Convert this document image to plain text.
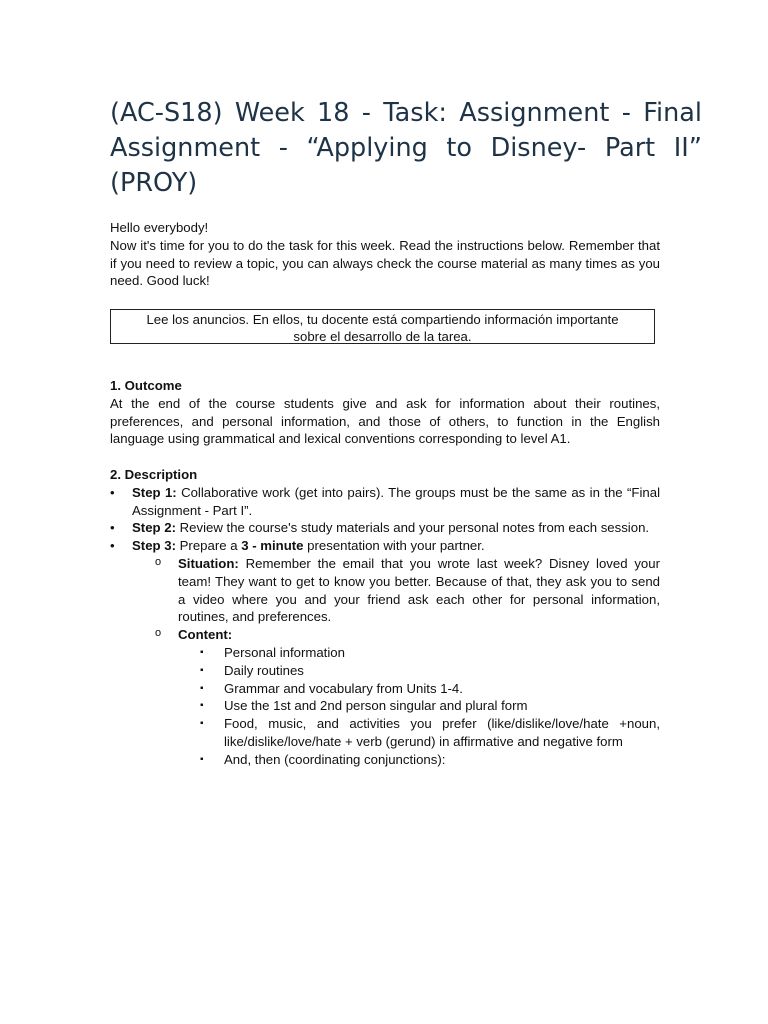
(AC-S18) Week 18 - Task: Assignment - Final Assignment - “Applying to Disney- Part II” (PROY)

Hello everybody!

Now it's time for you to do the task for this week. Read the instructions below. Remember that if you need to review a topic, you can always check the course material as many times as you need. Good luck!

Lee los anuncios. En ellos, tu docente está compartiendo información importante
sobre el desarrollo de la tarea.

1. Outcome

At the end of the course students give and ask for information about their routines, preferences, and personal information, and those of others, to function in the English language using grammatical and lexical conventions corresponding to level A1.

2. Description

• Step 1: Collaborative work (get into pairs). The groups must be the same as in the “Final Assignment - Part I”.
• Step 2: Review the course's study materials and your personal notes from each session.
• Step 3: Prepare a 3 - minute presentation with your partner.
o Situation: Remember the email that you wrote last week? Disney loved your team! They want to get to know you better. Because of that, they ask you to send a video where you and your friend ask each other for personal information, routines, and preferences.
o Content:
▪ Personal information
▪ Daily routines
▪ Grammar and vocabulary from Units 1-4.
▪ Use the 1st and 2nd person singular and plural form
▪ Food, music, and activities you prefer (like/dislike/love/hate +noun, like/dislike/love/hate + verb (gerund) in affirmative and negative form
▪ And, then (coordinating conjunctions):
